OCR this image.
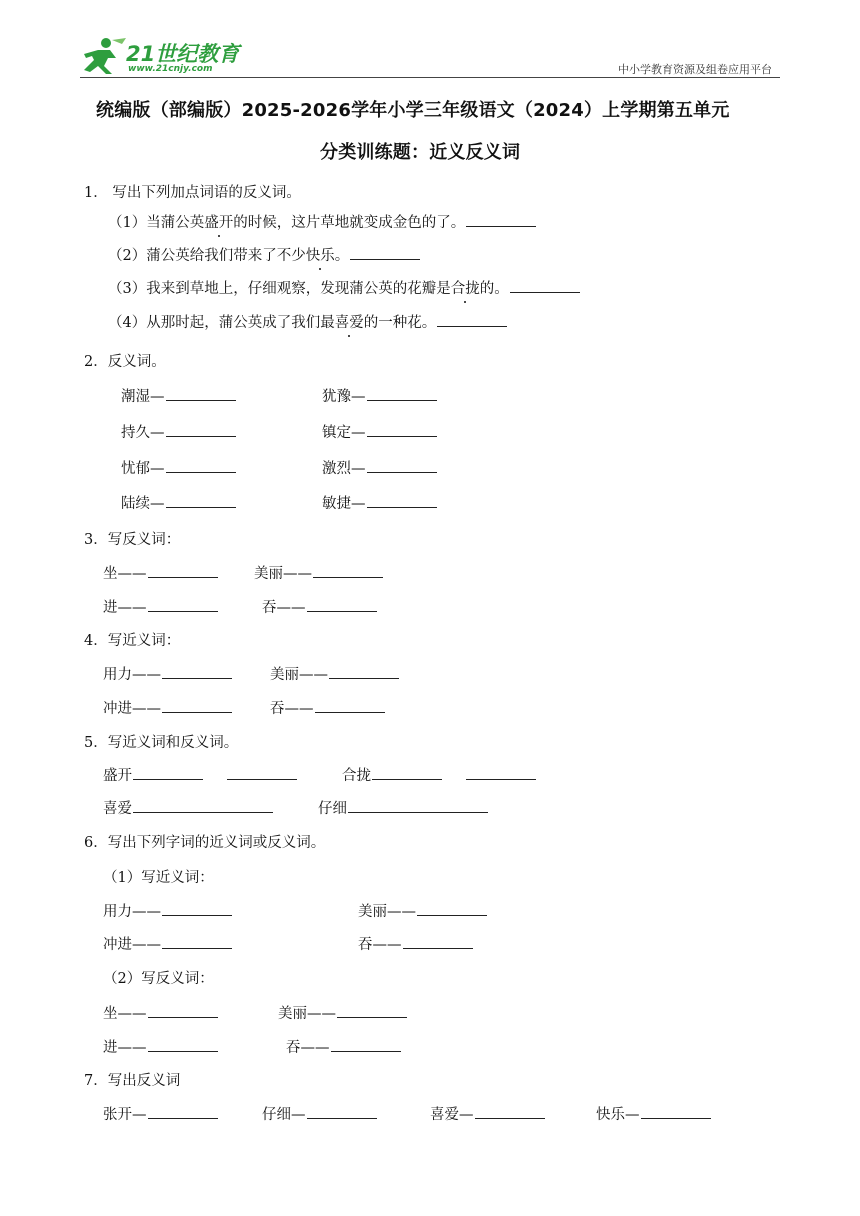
21世纪教育
www.21cnjy.com	中小学教育资源及组卷应用平台
统编版（部编版）2025-2026学年小学三年级语文（2024）上学期第五单元
分类训练题：近义反义词
1． 写出下列加点词语的反义词。
（1）当蒲公英盛开的时候，这片草地就变成金色的了。
（2）蒲公英给我们带来了不少快乐。
（3）我来到草地上，仔细观察，发现蒲公英的花瓣是合拢的。
（4）从那时起，蒲公英成了我们最喜爱的一种花。
2．反义词。
潮湿—	犹豫—
持久—	镇定—
忧郁—	激烈—
陆续—	敏捷—
3．写反义词：
坐——	美丽——
进——	吞——
4．写近义词：
用力——	美丽——
冲进——	吞——
5．写近义词和反义词。
盛开	合拢
喜爱	仔细
6．写出下列字词的近义词或反义词。
（1）写近义词：
用力——	美丽——
冲进——	吞——
（2）写反义词：
坐——	美丽——
进——	吞——
7．写出反义词
张开—	仔细—	喜爱—	快乐—
